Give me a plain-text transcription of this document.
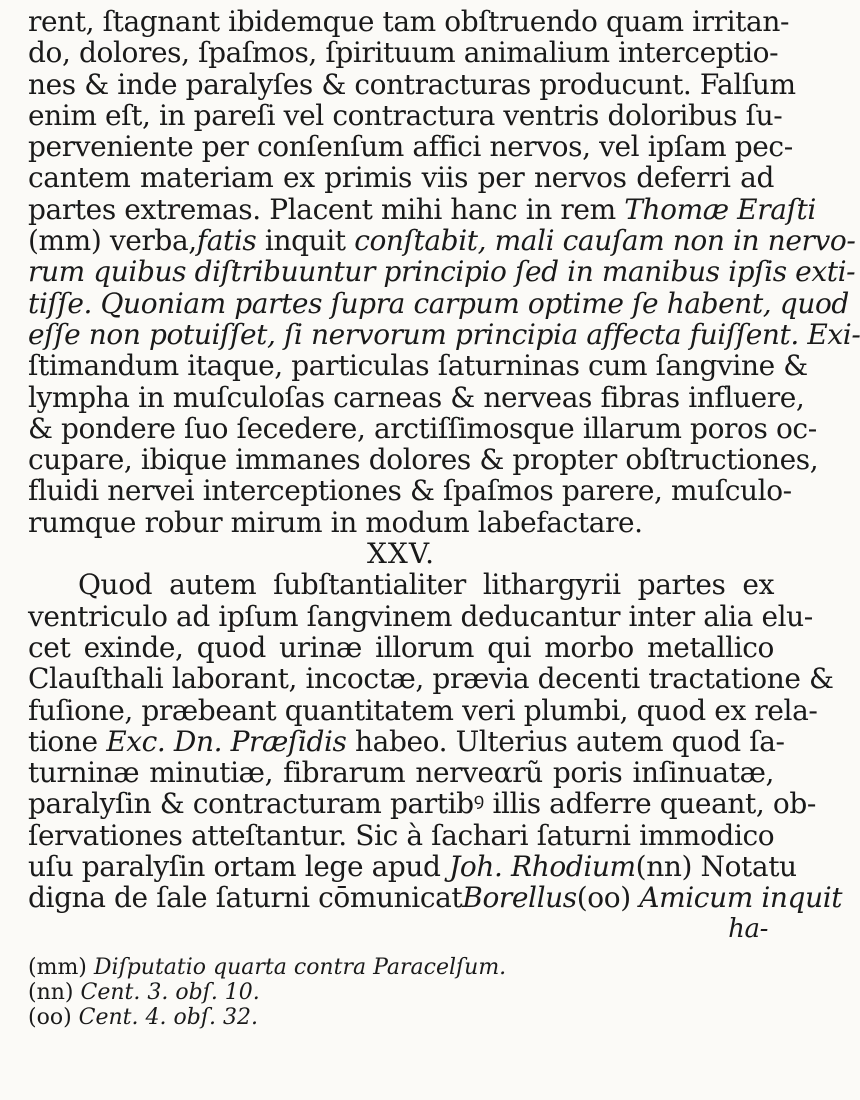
rent, ſtagnant ibidemque tam obſtruendo quam irritan-
do, dolores, ſpaſmos, ſpirituum animalium interceptio-
nes & inde paralyſes & contracturas producunt. Falſum
enim eſt, in pareſi vel contractura ventris doloribus ſu-
perveniente per conſenſum affici nervos, vel ipſam pec-
cantem materiam ex primis viis per nervos deferri ad
partes extremas. Placent mihi hanc in rem Thomæ Eraſti
(mm) verba,fatis inquit conſtabit, mali cauſam non in nervo-
rum quibus diſtribuuntur principio ſed in manibus ipſis exti-
tiſſe. Quoniam partes ſupra carpum optime ſe habent, quod
eſſe non potuiſſet, ſi nervorum principia affecta fuiſſent. Exi-
ſtimandum itaque, particulas ſaturninas cum ſangvine &
lympha in muſculoſas carneas & nerveas fibras influere,
& pondere ſuo ſecedere, arctiſſimosque illarum poros oc-
cupare, ibique immanes dolores & propter obſtructiones,
fluidi nervei interceptiones & ſpaſmos parere, muſculo-
rumque robur mirum in modum labefactare.
XXV.
Quod autem ſubſtantialiter lithargyrii partes ex
ventriculo ad ipſum ſangvinem deducantur inter alia elu-
cet exinde, quod urinæ illorum qui morbo metallico
Clauſthali laborant, incoctæ, prævia decenti tractatione &
fuſione, præbeant quantitatem veri plumbi, quod ex rela-
tione Exc. Dn. Præſidis habeo. Ulterius autem quod ſa-
turninæ minutiæ, fibrarum nerveαrũ poris inſinuatæ,
paralyſin & contracturam partibꝰ illis adferre queant, ob-
ſervationes atteſtantur. Sic à ſachari ſaturni immodico
uſu paralyſin ortam lege apud Joh. Rhodium(nn) Notatu
digna de ſale ſaturni cōmunicatBorellus(oo) Amicum inquit
ha-
(mm) Diſputatio quarta contra Paracelſum.
(nn) Cent. 3. obſ. 10.
(oo) Cent. 4. obſ. 32.
